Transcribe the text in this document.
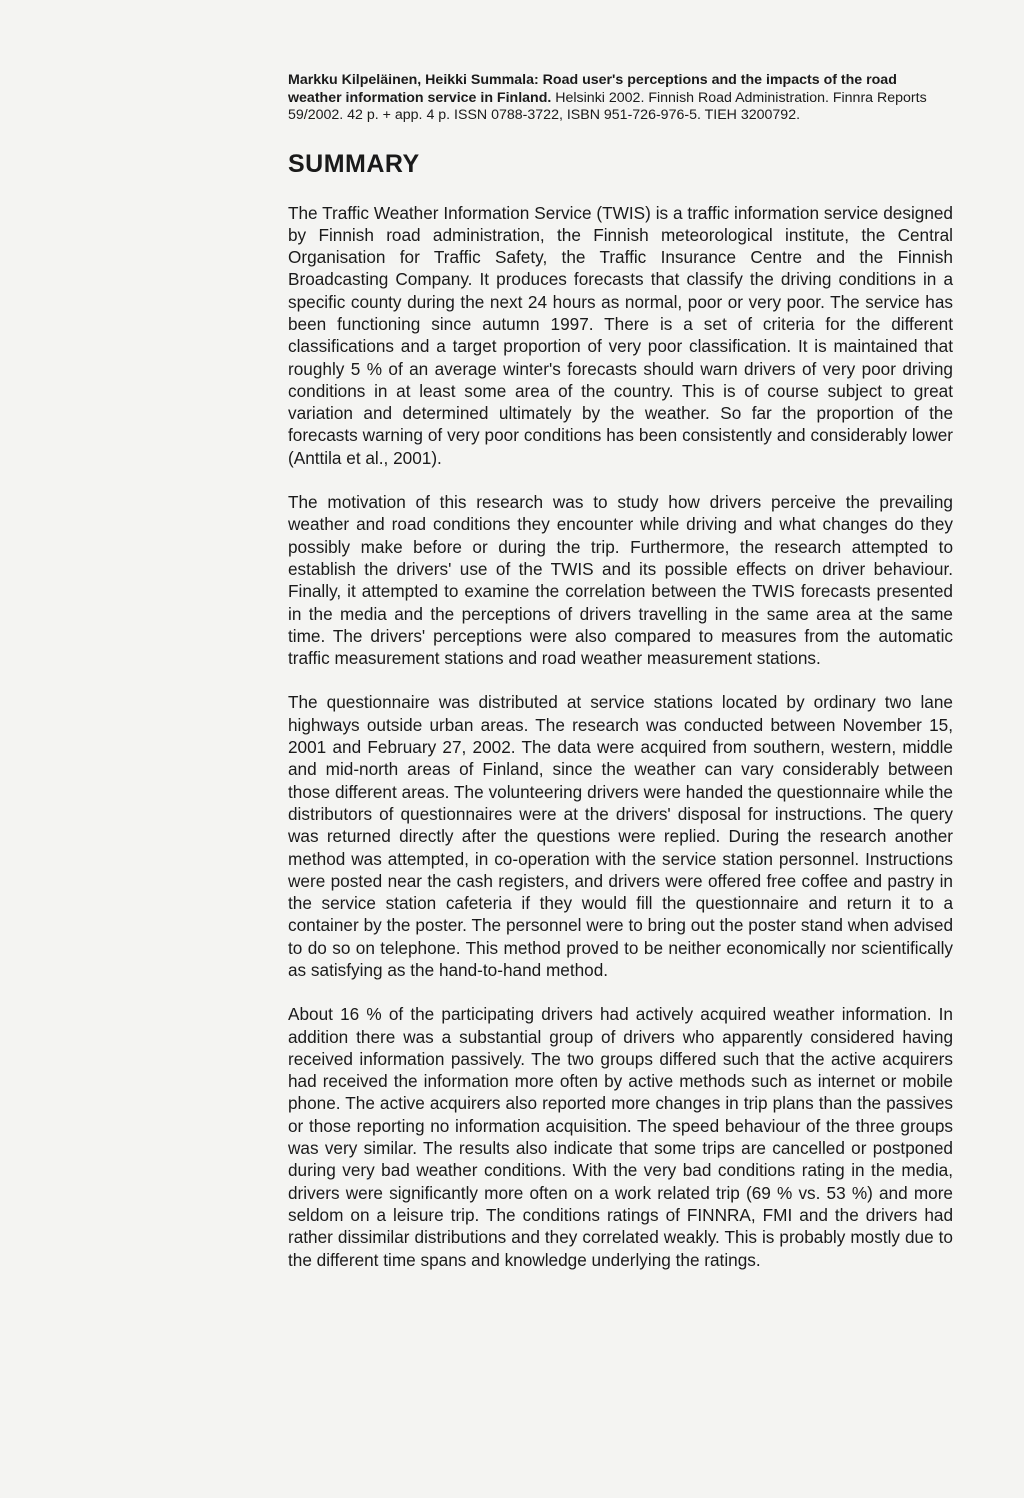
Markku Kilpeläinen, Heikki Summala: Road user's perceptions and the impacts of the road weather information service in Finland. Helsinki 2002. Finnish Road Administration. Finnra Reports 59/2002. 42 p. + app. 4 p. ISSN 0788-3722, ISBN 951-726-976-5. TIEH 3200792.

SUMMARY

The Traffic Weather Information Service (TWIS) is a traffic information service designed by Finnish road administration, the Finnish meteorological institute, the Central Organisation for Traffic Safety, the Traffic Insurance Centre and the Finnish Broadcasting Company. It produces forecasts that classify the driving conditions in a specific county during the next 24 hours as normal, poor or very poor. The service has been functioning since autumn 1997. There is a set of criteria for the different classifications and a target proportion of very poor classification. It is maintained that roughly 5 % of an average winter's forecasts should warn drivers of very poor driving conditions in at least some area of the country. This is of course subject to great variation and determined ultimately by the weather. So far the proportion of the forecasts warning of very poor conditions has been consistently and considerably lower (Anttila et al., 2001).

The motivation of this research was to study how drivers perceive the prevailing weather and road conditions they encounter while driving and what changes do they possibly make before or during the trip. Furthermore, the research attempted to establish the drivers' use of the TWIS and its possible effects on driver behaviour. Finally, it attempted to examine the correlation between the TWIS forecasts presented in the media and the perceptions of drivers travelling in the same area at the same time. The drivers' perceptions were also compared to measures from the automatic traffic measurement stations and road weather measurement stations.

The questionnaire was distributed at service stations located by ordinary two lane highways outside urban areas. The research was conducted between November 15, 2001 and February 27, 2002. The data were acquired from southern, western, middle and mid-north areas of Finland, since the weather can vary considerably between those different areas. The volunteering drivers were handed the questionnaire while the distributors of questionnaires were at the drivers' disposal for instructions. The query was returned directly after the questions were replied. During the research another method was attempted, in co-operation with the service station personnel. Instructions were posted near the cash registers, and drivers were offered free coffee and pastry in the service station cafeteria if they would fill the questionnaire and return it to a container by the poster. The personnel were to bring out the poster stand when advised to do so on telephone. This method proved to be neither economically nor scientifically as satisfying as the hand-to-hand method.

About 16 % of the participating drivers had actively acquired weather information. In addition there was a substantial group of drivers who apparently considered having received information passively. The two groups differed such that the active acquirers had received the information more often by active methods such as internet or mobile phone. The active acquirers also reported more changes in trip plans than the passives or those reporting no information acquisition. The speed behaviour of the three groups was very similar. The results also indicate that some trips are cancelled or postponed during very bad weather conditions. With the very bad conditions rating in the media, drivers were significantly more often on a work related trip (69 % vs. 53 %) and more seldom on a leisure trip. The conditions ratings of FINNRA, FMI and the drivers had rather dissimilar distributions and they correlated weakly. This is probably mostly due to the different time spans and knowledge underlying the ratings.
